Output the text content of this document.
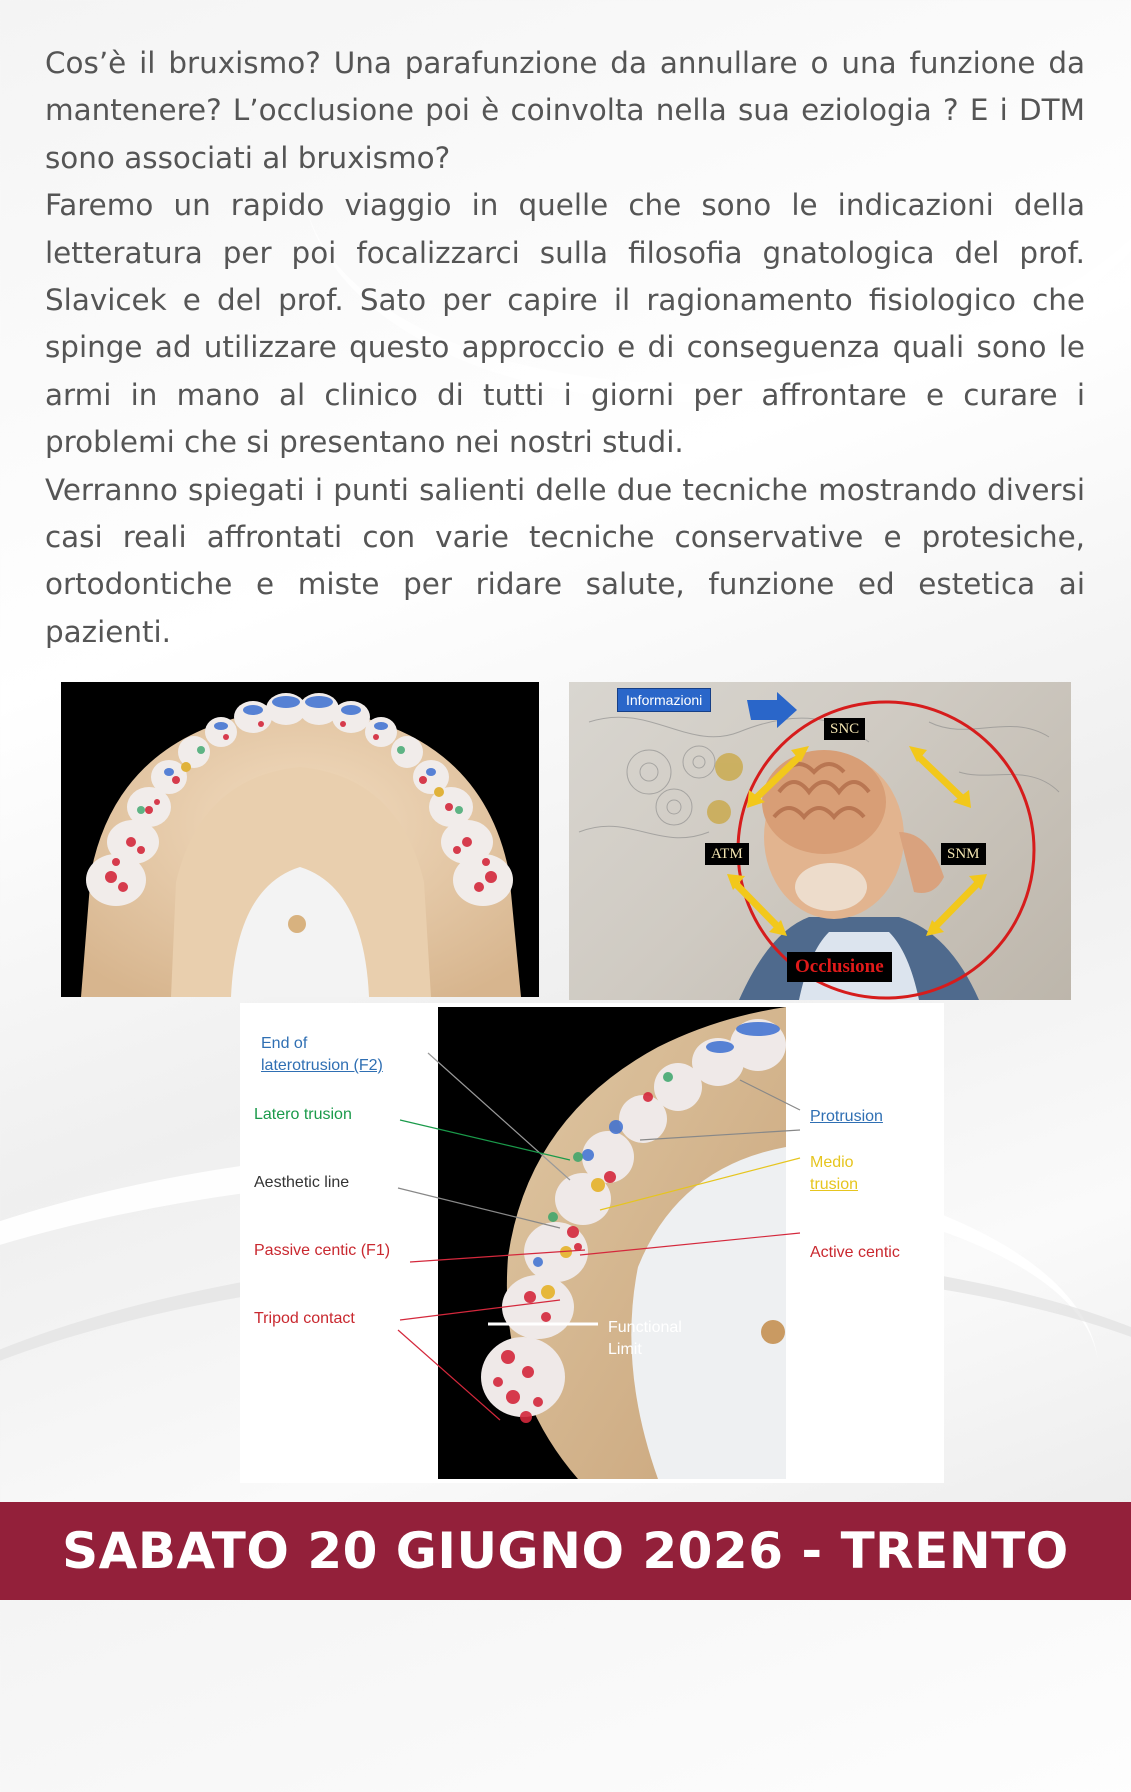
Cos’è il bruxismo? Una parafunzione da annullare o una funzione da mantenere? L’occlusione poi è coinvolta nella sua eziologia ? E i DTM sono associati al bruxismo?

Faremo un rapido viaggio in quelle che sono le indicazioni della letteratura per poi focalizzarci sulla filosofia gnatologica del prof. Slavicek e del prof. Sato per capire il ragionamento fisiologico che spinge ad utilizzare questo approccio e di conseguenza quali sono le armi in mano al clinico di tutti i giorni per affrontare e curare i problemi che si presentano nei nostri studi.

Verranno spiegati i punti salienti delle due tecniche mostrando diversi casi reali affrontati con varie tecniche conservative e protesiche, ortodontiche e miste per ridare salute, funzione ed estetica ai pazienti.

Informazioni
SNC
ATM	SNM
Occlusione
End of
laterotrusion (F2)
Latero trusion
Aesthetic line
Passive centic (F1)
Tripod contact
Protrusion
Medio
trusion
Active centic
Functional
Limit
SABATO 20 GIUGNO 2026 - TRENTO
